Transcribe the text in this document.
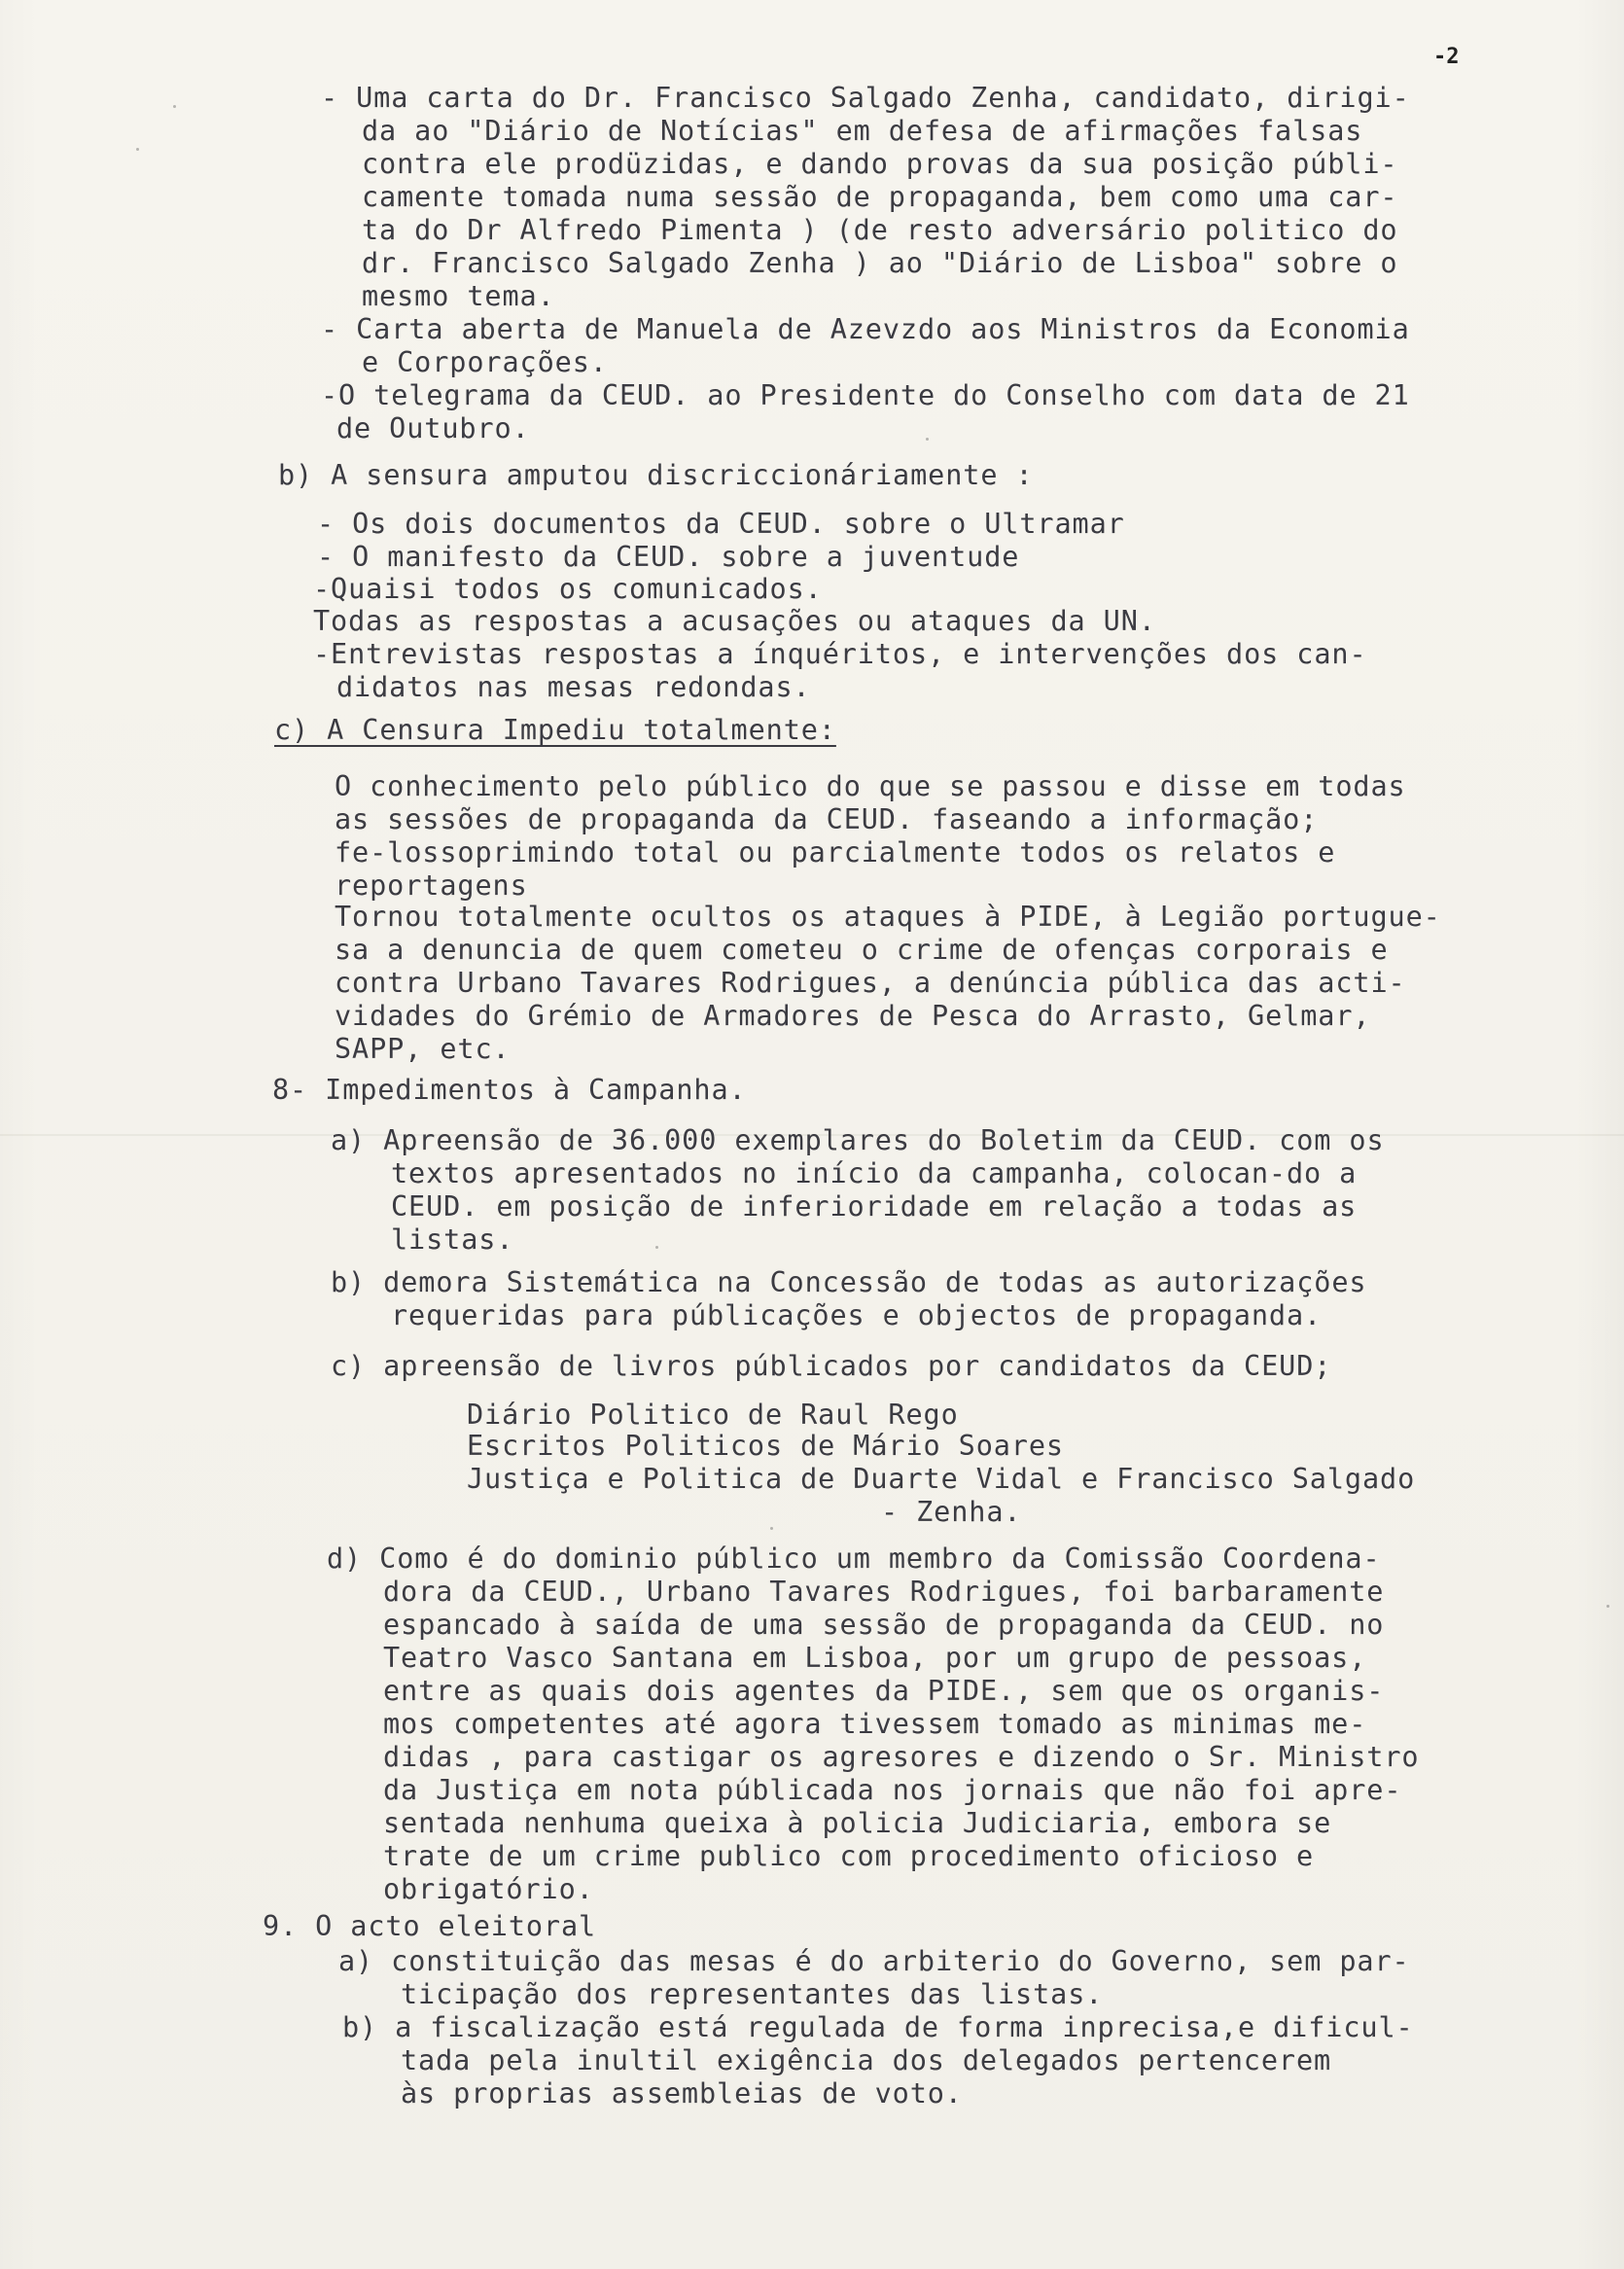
-2
- Uma carta do Dr. Francisco Salgado Zenha, candidato, dirigi-
da ao "Diário de Notícias" em defesa de afirmações falsas
contra ele prodüzidas, e dando provas da sua posição públi-
camente tomada numa sessão de propaganda, bem como uma car-
ta do Dr Alfredo Pimenta ) (de resto adversário politico do
dr. Francisco Salgado Zenha ) ao "Diário de Lisboa" sobre o
mesmo tema.
- Carta aberta de Manuela de Azevzdo aos Ministros da Economia
e Corporações.
-O telegrama da CEUD. ao Presidente do Conselho com data de 21
de Outubro.
b) A sensura amputou discriccionáriamente :
- Os dois documentos da CEUD. sobre o Ultramar
- O manifesto da CEUD. sobre a juventude
-Quaisi todos os comunicados.
Todas as respostas a acusações ou ataques da UN.
-Entrevistas respostas a ínquéritos, e intervenções dos can-
didatos nas mesas redondas.
c) A Censura Impediu totalmente:
O conhecimento pelo público do que se passou e disse em todas
as sessões de propaganda da CEUD. faseando a informação;
fe-lossoprimindo total ou parcialmente todos os relatos e
reportagens
Tornou totalmente ocultos os ataques à PIDE, à Legião portugue-
sa a denuncia de quem cometeu o crime de ofenças corporais e
contra Urbano Tavares Rodrigues, a denúncia pública das acti-
vidades do Grémio de Armadores de Pesca do Arrasto, Gelmar,
SAPP, etc.
8- Impedimentos à Campanha.
a) Apreensão de 36.000 exemplares do Boletim da CEUD. com os
textos apresentados no início da campanha, colocan-do a
CEUD. em posição de inferioridade em relação a todas as
listas.
b) demora Sistemática na Concessão de todas as autorizações
requeridas para públicações e objectos de propaganda.
c) apreensão de livros públicados por candidatos da CEUD;
Diário Politico de Raul Rego
Escritos Politicos de Mário Soares
Justiça e Politica de Duarte Vidal e Francisco Salgado
- Zenha.
d) Como é do dominio público um membro da Comissão Coordena-
dora da CEUD., Urbano Tavares Rodrigues, foi barbaramente
espancado à saída de uma sessão de propaganda da CEUD. no
Teatro Vasco Santana em Lisboa, por um grupo de pessoas,
entre as quais dois agentes da PIDE., sem que os organis-
mos competentes até agora tivessem tomado as minimas me-
didas , para castigar os agresores e dizendo o Sr. Ministro
da Justiça em nota públicada nos jornais que não foi apre-
sentada nenhuma queixa à policia Judiciaria, embora se
trate de um crime publico com procedimento oficioso e
obrigatório.
9. O acto eleitoral
a) constituição das mesas é do arbiterio do Governo, sem par-
ticipação dos representantes das listas.
b) a fiscalização está regulada de forma inprecisa,e dificul-
tada pela inultil exigência dos delegados pertencerem
às proprias assembleias de voto.
